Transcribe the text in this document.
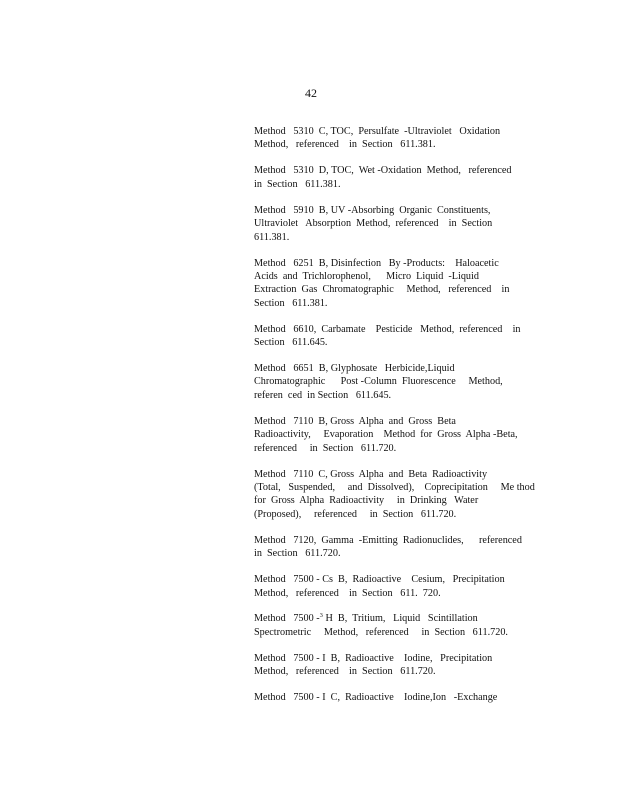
42
Method   5310  C, TOC,  Persulfate  -Ultraviolet   Oxidation
Method,   referenced    in  Section   611.381.
Method   5310  D, TOC,  Wet -Oxidation  Method,   referenced
in  Section   611.381.
Method   5910  B, UV -Absorbing  Organic  Constituents,
Ultraviolet   Absorption  Method,  referenced    in  Section
611.381.
Method   6251  B, Disinfection   By -Products:    Haloacetic
Acids  and  Trichlorophenol,      Micro  Liquid  -Liquid
Extraction  Gas  Chromatographic     Method,   referenced    in
Section   611.381.
Method   6610,  Carbamate    Pesticide   Method,  referenced    in
Section   611.645.
Method   6651  B, Glyphosate   Herbicide,Liquid
Chromatographic      Post -Column  Fluorescence     Method,
referen  ced  in Section   611.645.
Method   7110  B, Gross  Alpha  and  Gross  Beta
Radioactivity,     Evaporation    Method  for  Gross  Alpha -Beta,
referenced     in  Section   611.720.
Method   7110  C, Gross  Alpha  and  Beta  Radioactivity
(Total,   Suspended,     and  Dissolved),    Coprecipitation     Me thod
for  Gross  Alpha  Radioactivity     in  Drinking   Water
(Proposed),     referenced     in  Section   611.720.
Method   7120,  Gamma  -Emitting  Radionuclides,      referenced
in  Section   611.720.
Method   7500 - Cs  B,  Radioactive    Cesium,   Precipitation
Method,   referenced    in  Section   611.  720.
Method   7500 -$^3$ H  B,  Tritium,   Liquid   Scintillation
Spectrometric     Method,   referenced     in  Section   611.720.
Method   7500 - I  B,  Radioactive    Iodine,   Precipitation
Method,   referenced    in  Section   611.720.
Method   7500 - I  C,  Radioactive    Iodine,Ion   -Exchange
